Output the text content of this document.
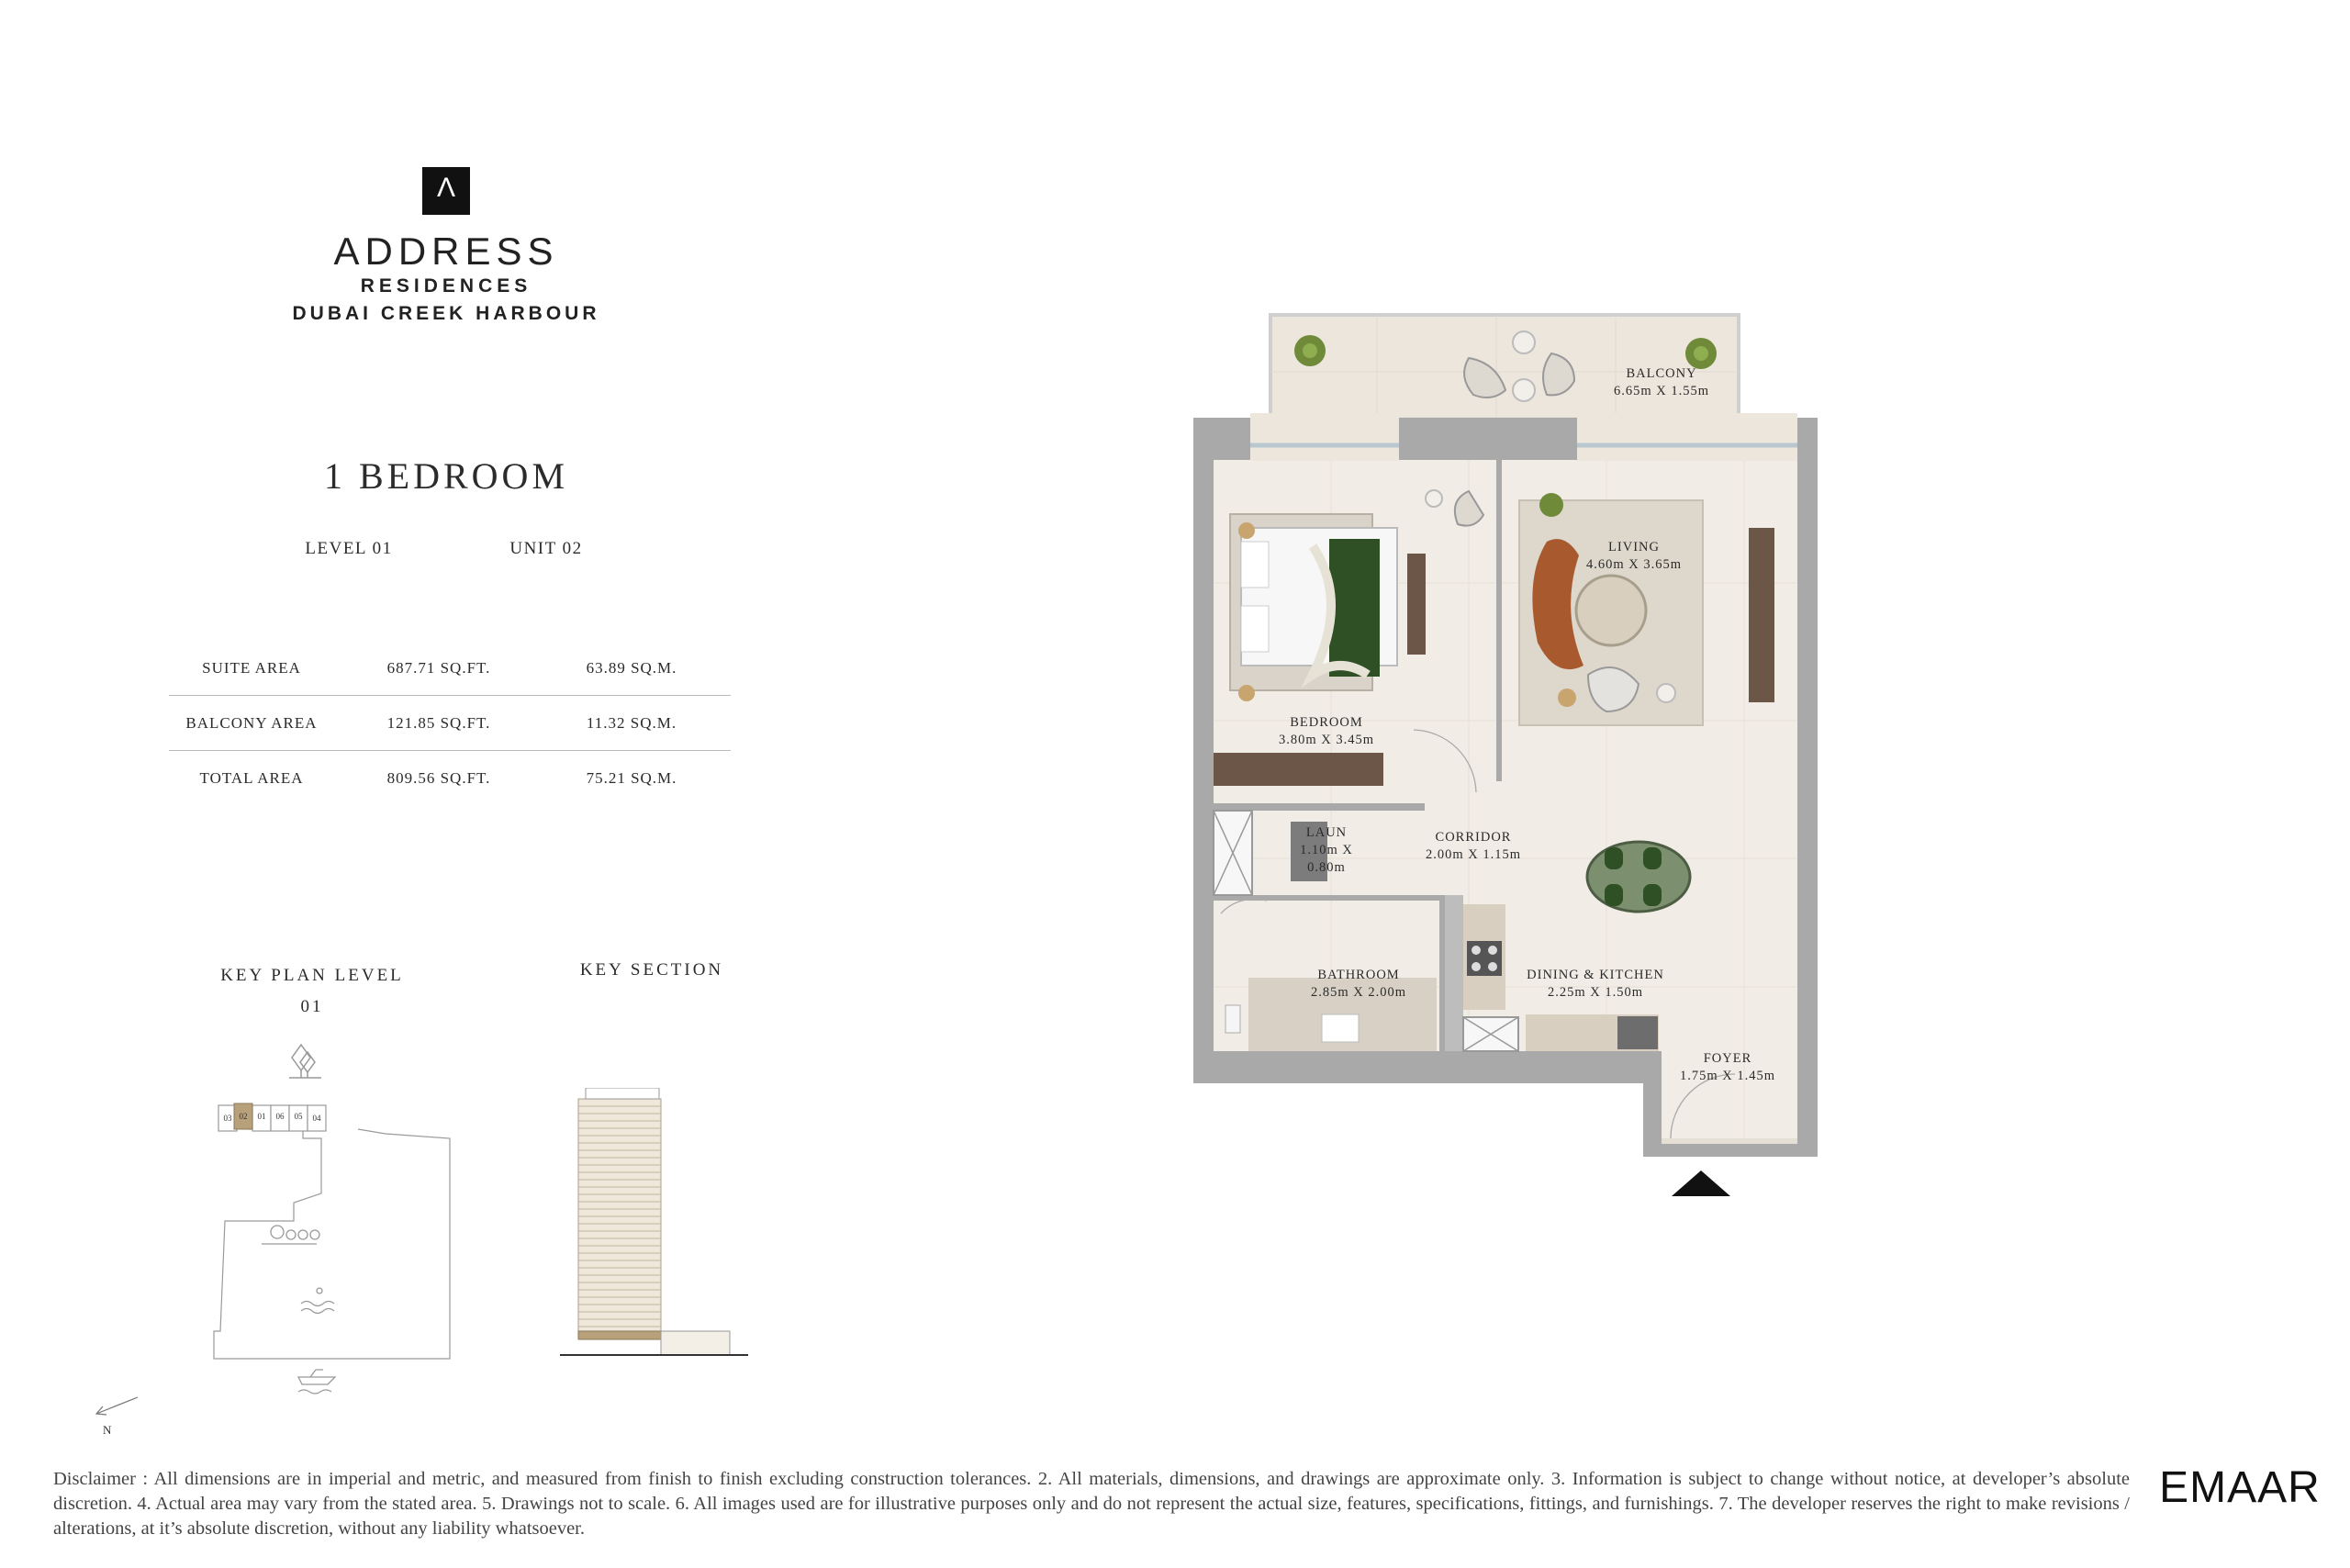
Λ
ADDRESS
RESIDENCES
DUBAI CREEK HARBOUR
1 BEDROOM
LEVEL 01	UNIT 02
SUITE AREA	687.71 SQ.FT.	63.89 SQ.M.
BALCONY AREA	121.85 SQ.FT.	11.32 SQ.M.
TOTAL AREA	809.56 SQ.FT.	75.21 SQ.M.
KEY PLAN LEVEL
01
KEY SECTION
03 02 01 06 05 04
N
BALCONY
6.65m X 1.55m
LIVING
4.60m X 3.65m
BEDROOM
3.80m X 3.45m
LAUN
1.10m X
0.80m
CORRIDOR
2.00m X 1.15m
BATHROOM
2.85m X 2.00m
DINING & KITCHEN
2.25m X 1.50m
FOYER
1.75m X 1.45m
Disclaimer : All dimensions are in imperial and metric, and measured from finish to finish excluding construction tolerances. 2. All materials, dimensions, and drawings are approximate only. 3. Information is subject to change without notice, at developer’s absolute discretion. 4. Actual area may vary from the stated area. 5. Drawings not to scale. 6. All images used are for illustrative purposes only and do not represent the actual size, features, specifications, fittings, and furnishings. 7. The developer reserves the right to make revisions / alterations, at it’s absolute discretion, without any liability whatsoever.
EMAAR
